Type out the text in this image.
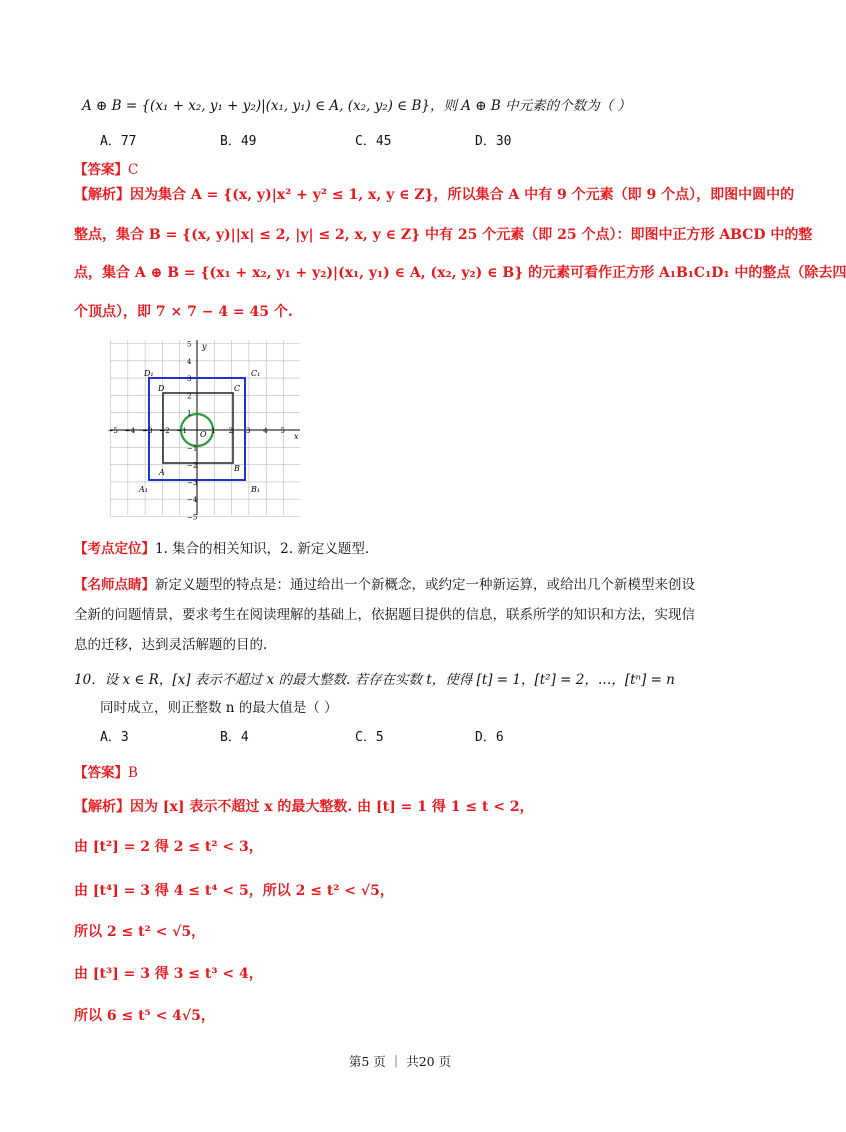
A ⊕ B = {(x₁ + x₂, y₁ + y₂)|(x₁, y₁) ∈ A, (x₂, y₂) ∈ B}，则 A ⊕ B 中元素的个数为（ ）
A．77	B．49	C．45	D．30
【答案】C
【解析】因为集合 A = {(x, y)|x² + y² ≤ 1, x, y ∈ Z}，所以集合 A 中有 9 个元素（即 9 个点），即图中圆中的
整点，集合 B = {(x, y)||x| ≤ 2, |y| ≤ 2, x, y ∈ Z} 中有 25 个元素（即 25 个点）：即图中正方形 ABCD 中的整
点，集合 A ⊕ B = {(x₁ + x₂, y₁ + y₂)|(x₁, y₁) ∈ A, (x₂, y₂) ∈ B} 的元素可看作正方形 A₁B₁C₁D₁ 中的整点（除去四
个顶点），即 7 × 7 − 4 = 45 个.
y
x
O
A	B
C
D
A₁	B₁
C₁
D₁
−5 −4 −3 −2 −1	1 2 3 4 5
5
4
3
2
1
−1
−2
−3
−4
−5
【考点定位】1. 集合的相关知识，2. 新定义题型.
【名师点睛】新定义题型的特点是：通过给出一个新概念，或约定一种新运算，或给出几个新模型来创设
全新的问题情景，要求考生在阅读理解的基础上，依据题目提供的信息，联系所学的知识和方法，实现信
息的迁移，达到灵活解题的目的.
10．设 x ∈ R，[x] 表示不超过 x 的最大整数. 若存在实数 t，使得 [t] = 1，[t²] = 2，…，[tⁿ] = n
同时成立，则正整数 n 的最大值是（ ）
A．3	B．4	C．5	D．6
【答案】B
【解析】因为 [x] 表示不超过 x 的最大整数. 由 [t] = 1 得 1 ≤ t < 2，
由 [t²] = 2 得 2 ≤ t² < 3，
由 [t⁴] = 3 得 4 ≤ t⁴ < 5，所以 2 ≤ t² < √5，
所以 2 ≤ t² < √5，
由 [t³] = 3 得 3 ≤ t³ < 4，
所以 6 ≤ t⁵ < 4√5，
第5 页 ｜ 共20 页
